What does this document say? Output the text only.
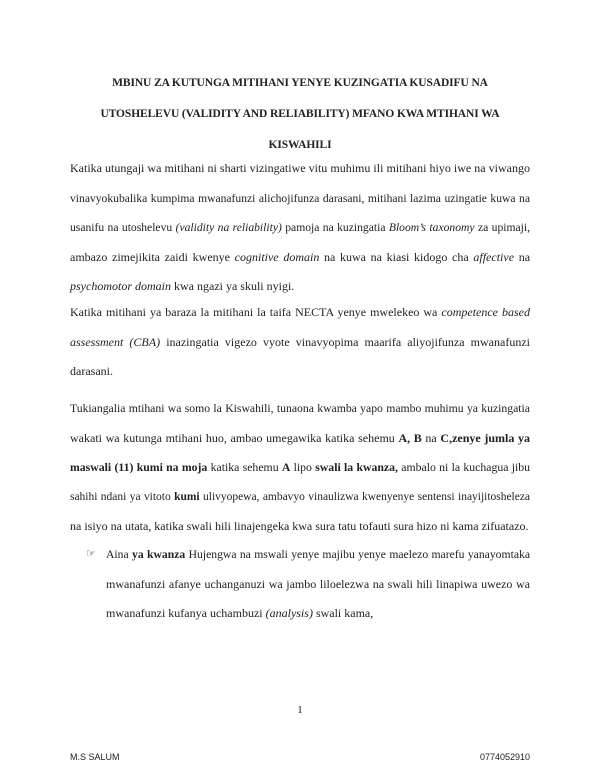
MBINU ZA KUTUNGA MITIHANI YENYE KUZINGATIA KUSADIFU NA
UTOSHELEVU (VALIDITY AND RELIABILITY) MFANO KWA MTIHANI WA
KISWAHILI
Katika utungaji wa mitihani ni sharti vizingatiwe vitu muhimu ili mitihani hiyo iwe na viwango
vinavyokubalika kumpima mwanafunzi alichojifunza darasani, mitihani lazima uzingatie kuwa na
usanifu na utoshelevu (validity na reliability) pamoja na kuzingatia Bloom’s taxonomy za upimaji,
ambazo zimejikita zaidi kwenye cognitive domain na kuwa na kiasi kidogo cha affective na
psychomotor domain kwa ngazi ya skuli nyigi.
Katika mitihani ya baraza la mitihani la taifa NECTA yenye mwelekeo wa competence based
assessment (CBA) inazingatia vigezo vyote vinavyopima maarifa aliyojifunza mwanafunzi
darasani.
Tukiangalia mtihani wa somo la Kiswahili, tunaona kwamba yapo mambo muhimu ya kuzingatia
wakati wa kutunga mtihani huo, ambao umegawika katika sehemu A, B na C,zenye jumla ya
maswali (11) kumi na moja katika sehemu A lipo swali la kwanza, ambalo ni la kuchagua jibu
sahihi ndani ya vitoto kumi ulivyopewa, ambavyo vinaulizwa kwenyenye sentensi inayijitosheleza
na isiyo na utata, katika swali hili linajengeka kwa sura tatu tofauti sura hizo ni kama zifuatazo.
☞ Aina ya kwanza Hujengwa na mswali yenye majibu yenye maelezo marefu yanayomtaka
mwanafunzi afanye uchanganuzi wa jambo liloelezwa na swali hili linapiwa uwezo wa
mwanafunzi kufanya uchambuzi (analysis) swali kama,
1
M.S SALUM	0774052910
